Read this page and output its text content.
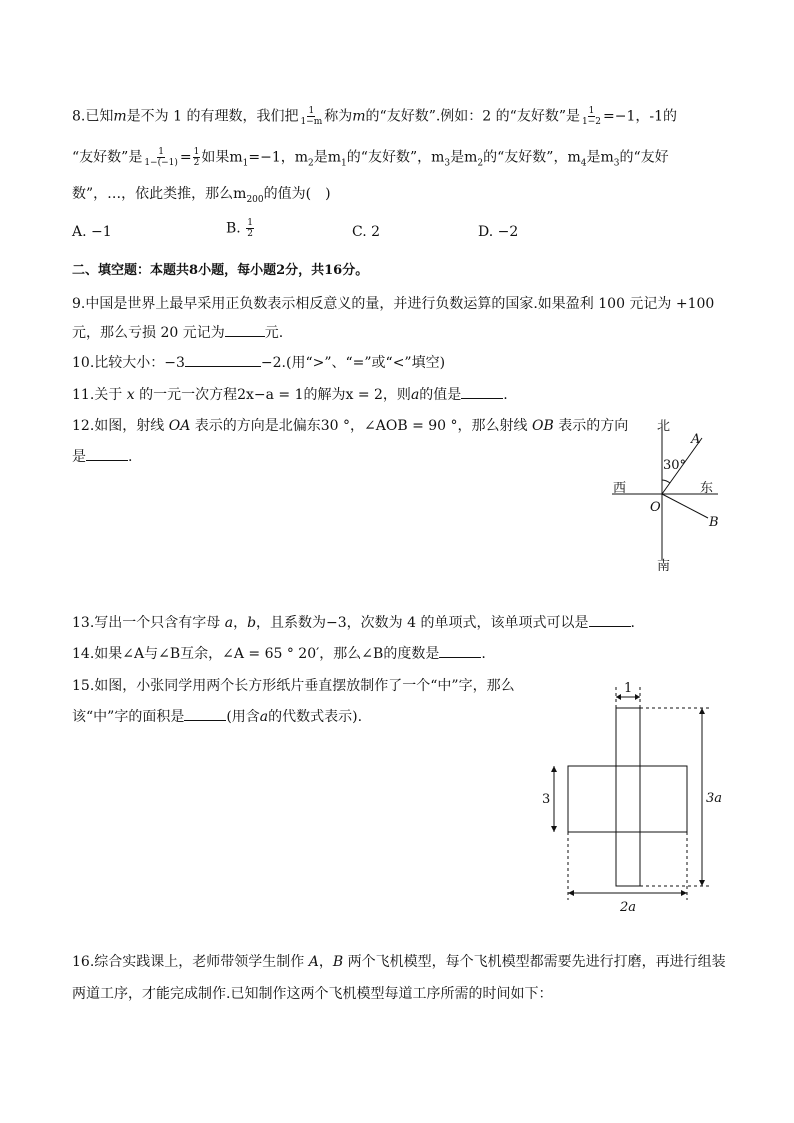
8.已知m是不为 1 的有理数，我们把 $\frac{1}{1-m}$ 称为m的“友好数”.例如：2 的“友好数”是 $\frac{1}{1-2} =-1$，-1的
“友好数”是 $\frac{1}{1-(-1)} = \frac{1}{2}$ 如果$m_1=-1$，$m_2$是$m_1$的“友好数”，$m_3$是$m_2$的“友好数”，$m_4$是$m_3$的“友好
数”，…，依此类推，那么$m_{200}$的值为(　)
A. −1	B. $\frac{1}{2}$	C. 2	D. −2
二、填空题：本题共8小题，每小题2分，共16分。
9.中国是世界上最早采用正负数表示相反意义的量，并进行负数运算的国家.如果盈利 100 元记为 +100
元，那么亏损 20 元记为	元.
10.比较大小：−3	−2.(用“>”、“=”或“<”填空)
11.关于 x 的一元一次方程2x−a = 1的解为x = 2，则a的值是	.
12.如图，射线 OA 表示的方向是北偏东30 °，∠AOB = 90 °，那么射线 OB 表示的方向
是	.
北
南
西	东
30°
A
B
O
13.写出一个只含有字母 a，b，且系数为−3，次数为 4 的单项式，该单项式可以是	.
14.如果∠A与∠B互余，∠A = 65 ° 20′，那么∠B的度数是	.
15.如图，小张同学用两个长方形纸片垂直摆放制作了一个“中”字，那么
该“中”字的面积是	(用含a的代数式表示).
1
3	3a
2a
16.综合实践课上，老师带领学生制作 A，B 两个飞机模型，每个飞机模型都需要先进行打磨，再进行组装
两道工序，才能完成制作.已知制作这两个飞机模型每道工序所需的时间如下：
